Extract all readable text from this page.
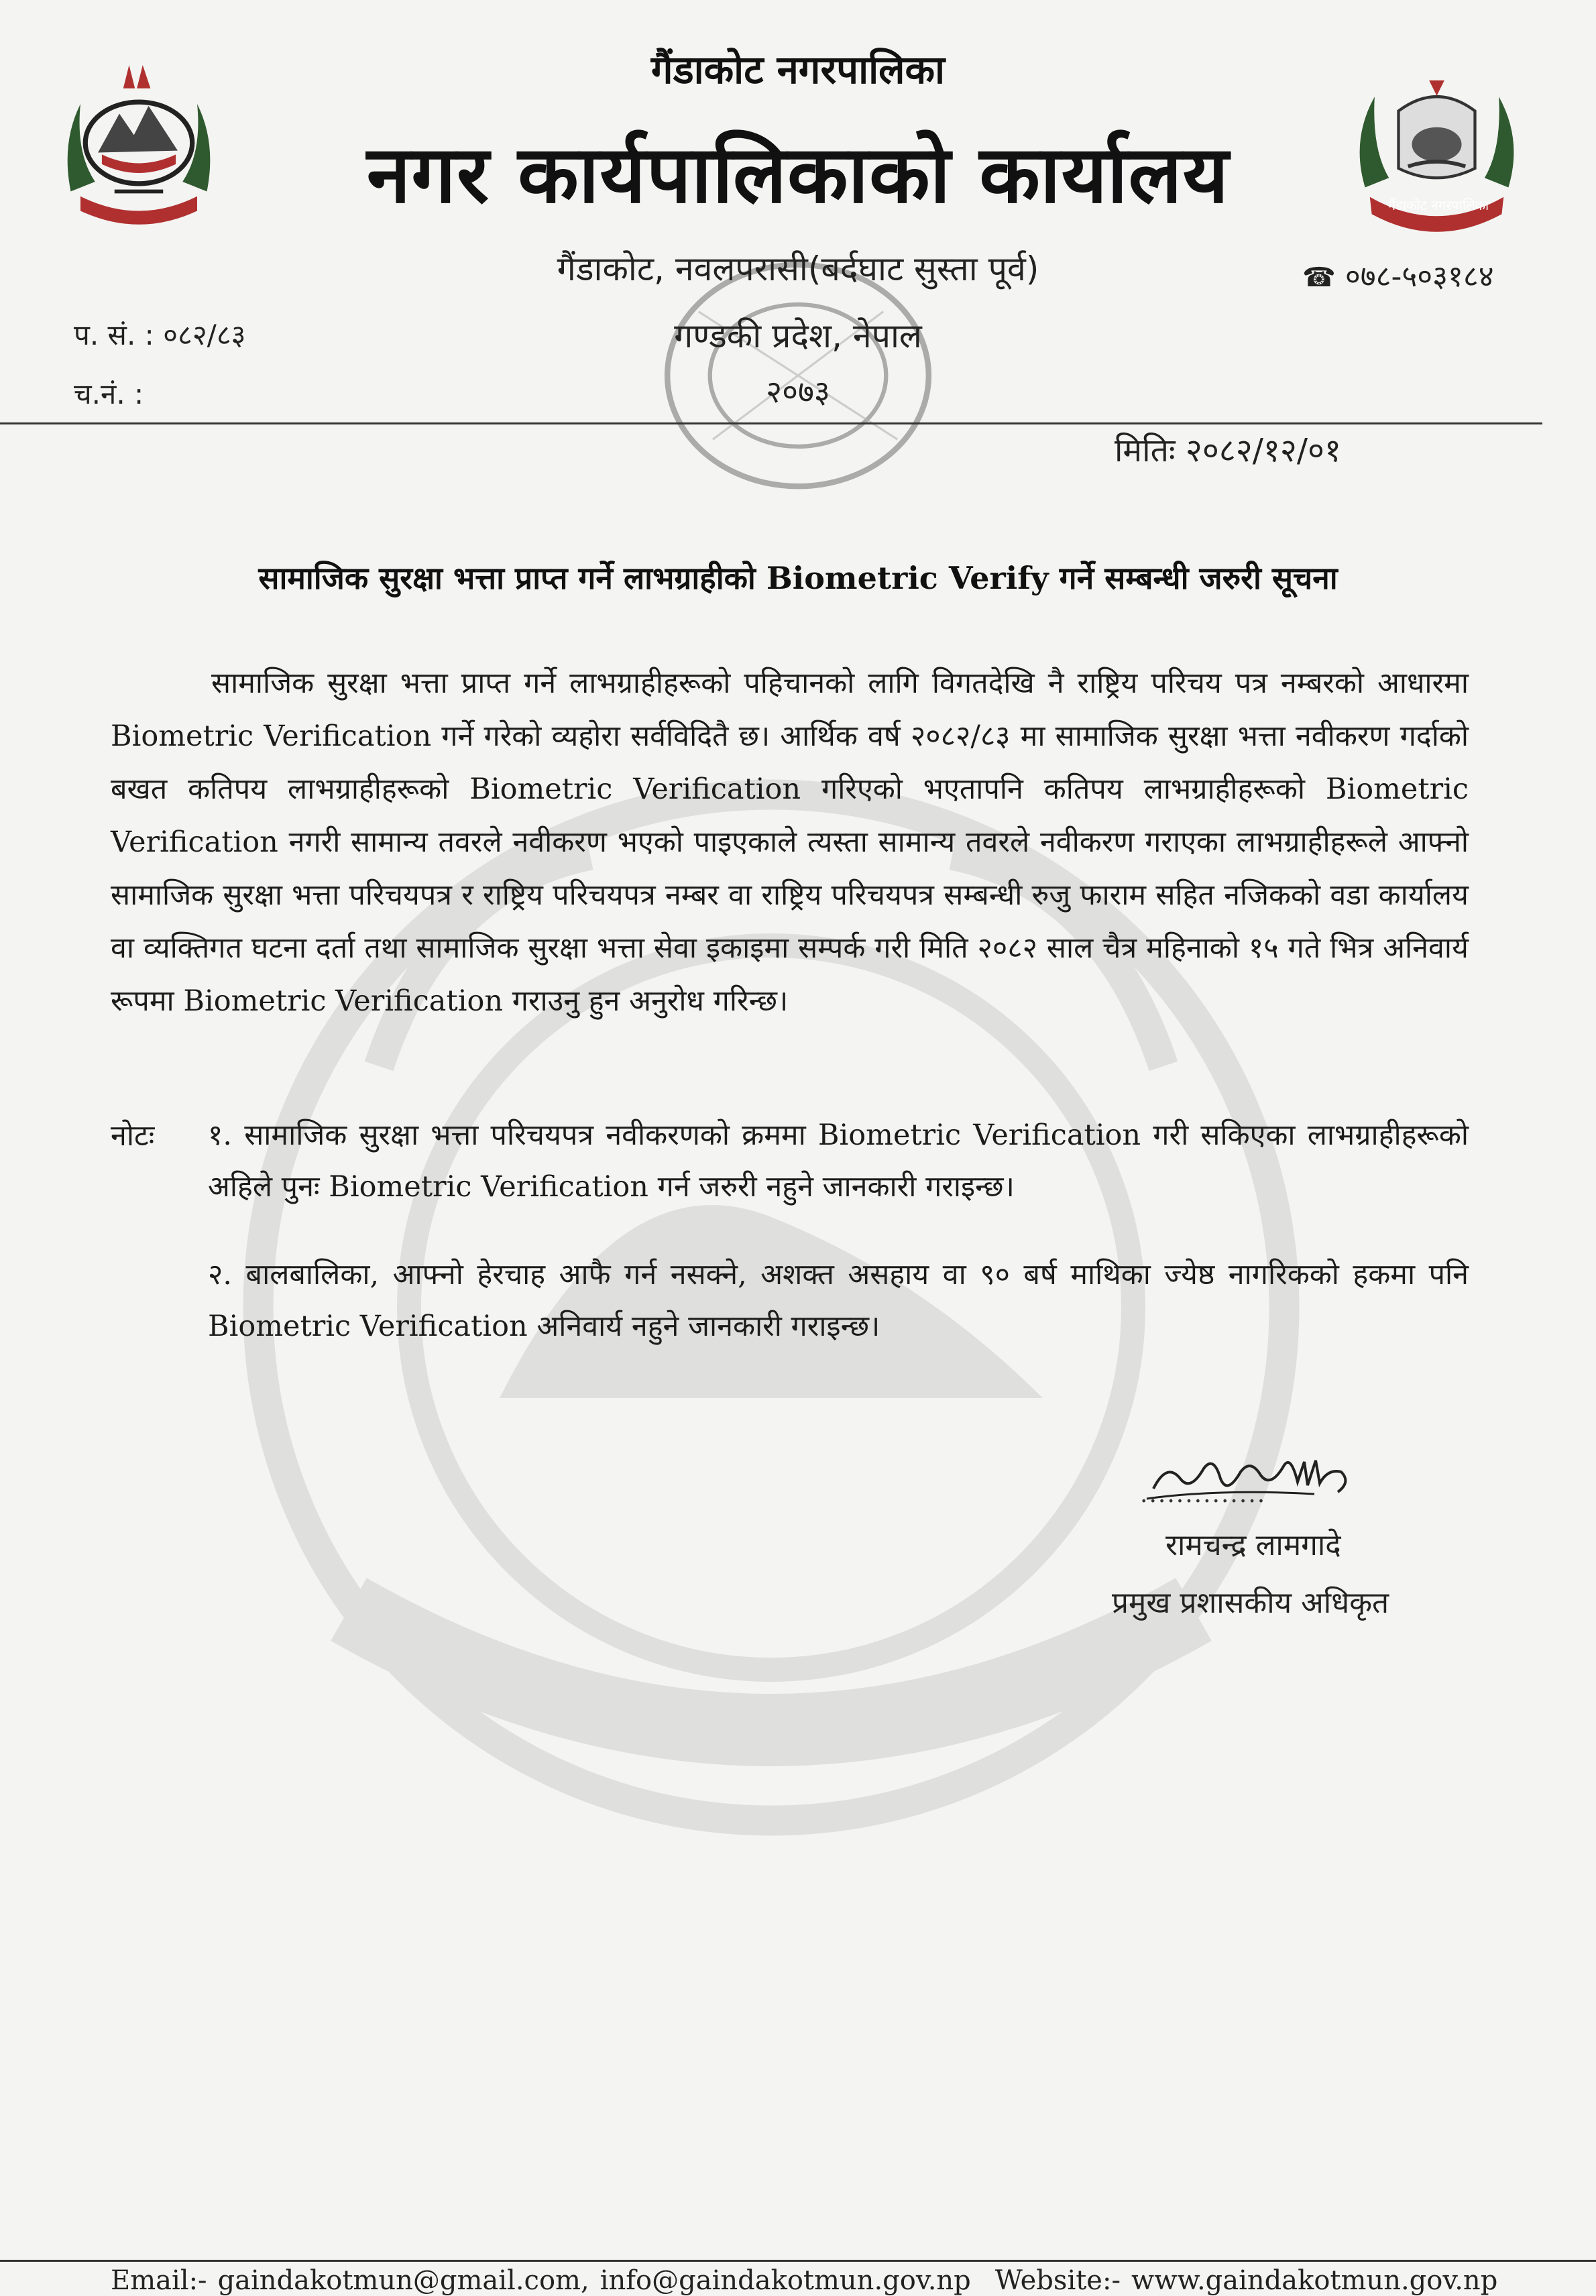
गैंडाकोट नगरपालिका
गैंडाकोट नगरपालिका
नगर कार्यपालिकाको कार्यालय
गैंडाकोट, नवलपरासी(बर्दघाट सुस्ता पूर्व)
गण्डकी प्रदेश, नेपाल
२०७३
☎ ०७८-५०३१८४
प. सं. : ०८२/८३
च.नं. :
मितिः २०८२/१२/०१
सामाजिक सुरक्षा भत्ता प्राप्त गर्ने लाभग्राहीको Biometric Verify गर्ने सम्बन्धी जरुरी सूचना
सामाजिक सुरक्षा भत्ता प्राप्त गर्ने लाभग्राहीहरूको पहिचानको लागि विगतदेखि नै राष्ट्रिय परिचय पत्र नम्बरको आधारमा Biometric Verification गर्ने गरेको व्यहोरा सर्वविदितै छ। आर्थिक वर्ष २०८२/८३ मा सामाजिक सुरक्षा भत्ता नवीकरण गर्दाको बखत कतिपय लाभग्राहीहरूको Biometric Verification गरिएको भएतापनि कतिपय लाभग्राहीहरूको Biometric Verification नगरी सामान्य तवरले नवीकरण भएको पाइएकाले त्यस्ता सामान्य तवरले नवीकरण गराएका लाभग्राहीहरूले आफ्नो सामाजिक सुरक्षा भत्ता परिचयपत्र र राष्ट्रिय परिचयपत्र नम्बर वा राष्ट्रिय परिचयपत्र सम्बन्धी रुजु फाराम सहित नजिकको वडा कार्यालय वा व्यक्तिगत घटना दर्ता तथा सामाजिक सुरक्षा भत्ता सेवा इकाइमा सम्पर्क गरी मिति २०८२ साल चैत्र महिनाको १५ गते भित्र अनिवार्य रूपमा Biometric Verification गराउनु हुन अनुरोध गरिन्छ।
नोटः १. सामाजिक सुरक्षा भत्ता परिचयपत्र नवीकरणको क्रममा Biometric Verification गरी सकिएका लाभग्राहीहरूको अहिले पुनः Biometric Verification गर्न जरुरी नहुने जानकारी गराइन्छ।
२. बालबालिका, आफ्नो हेरचाह आफै गर्न नसक्ने, अशक्त असहाय वा ९० बर्ष माथिका ज्येष्ठ नागरिकको हकमा पनि Biometric Verification अनिवार्य नहुने जानकारी गराइन्छ।
..............
रामचन्द्र लामगादे
प्रमुख प्रशासकीय अधिकृत
Email:- gaindakotmun@gmail.com, info@gaindakotmun.gov.np Website:- www.gaindakotmun.gov.np
